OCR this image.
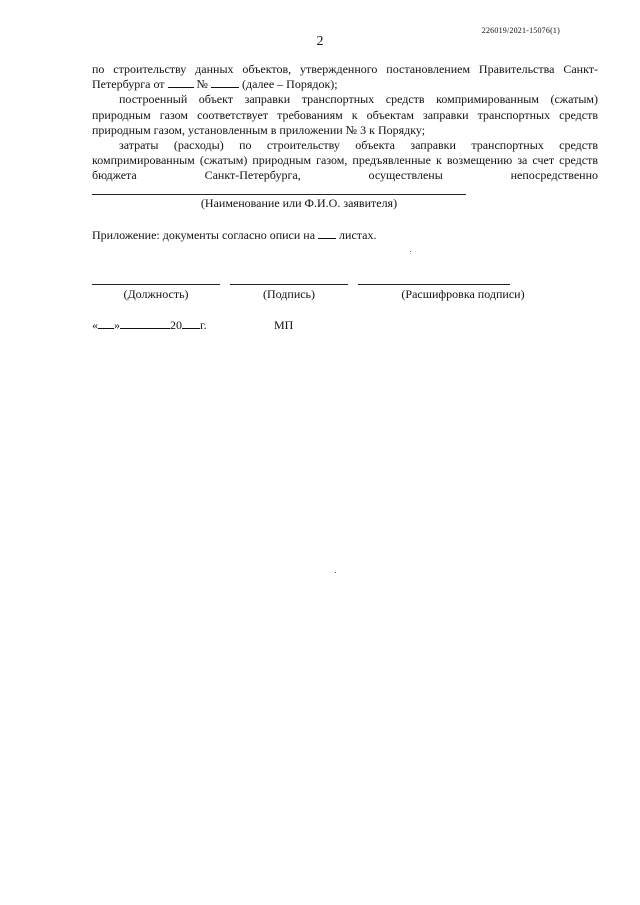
226019/2021-15076(1)
2

по строительству данных объектов, утвержденного постановлением Правительства Санкт-Петербурга от	№	(далее – Порядок);

построенный объект заправки транспортных средств компримированным (сжатым) природным газом соответствует требованиям к объектам заправки транспортных средств природным газом, установленным в приложении № 3 к Порядку;

затраты (расходы) по строительству объекта заправки транспортных средств компримированным (сжатым) природным газом, предъявленные к возмещению за счет средств бюджета Санкт-Петербурга, осуществлены непосредственно

(Наименование или Ф.И.О. заявителя)
Приложение: документы согласно описи на листах.
(Должность)	(Подпись)	(Расшифровка подписи)
« »	20 г.	МП
